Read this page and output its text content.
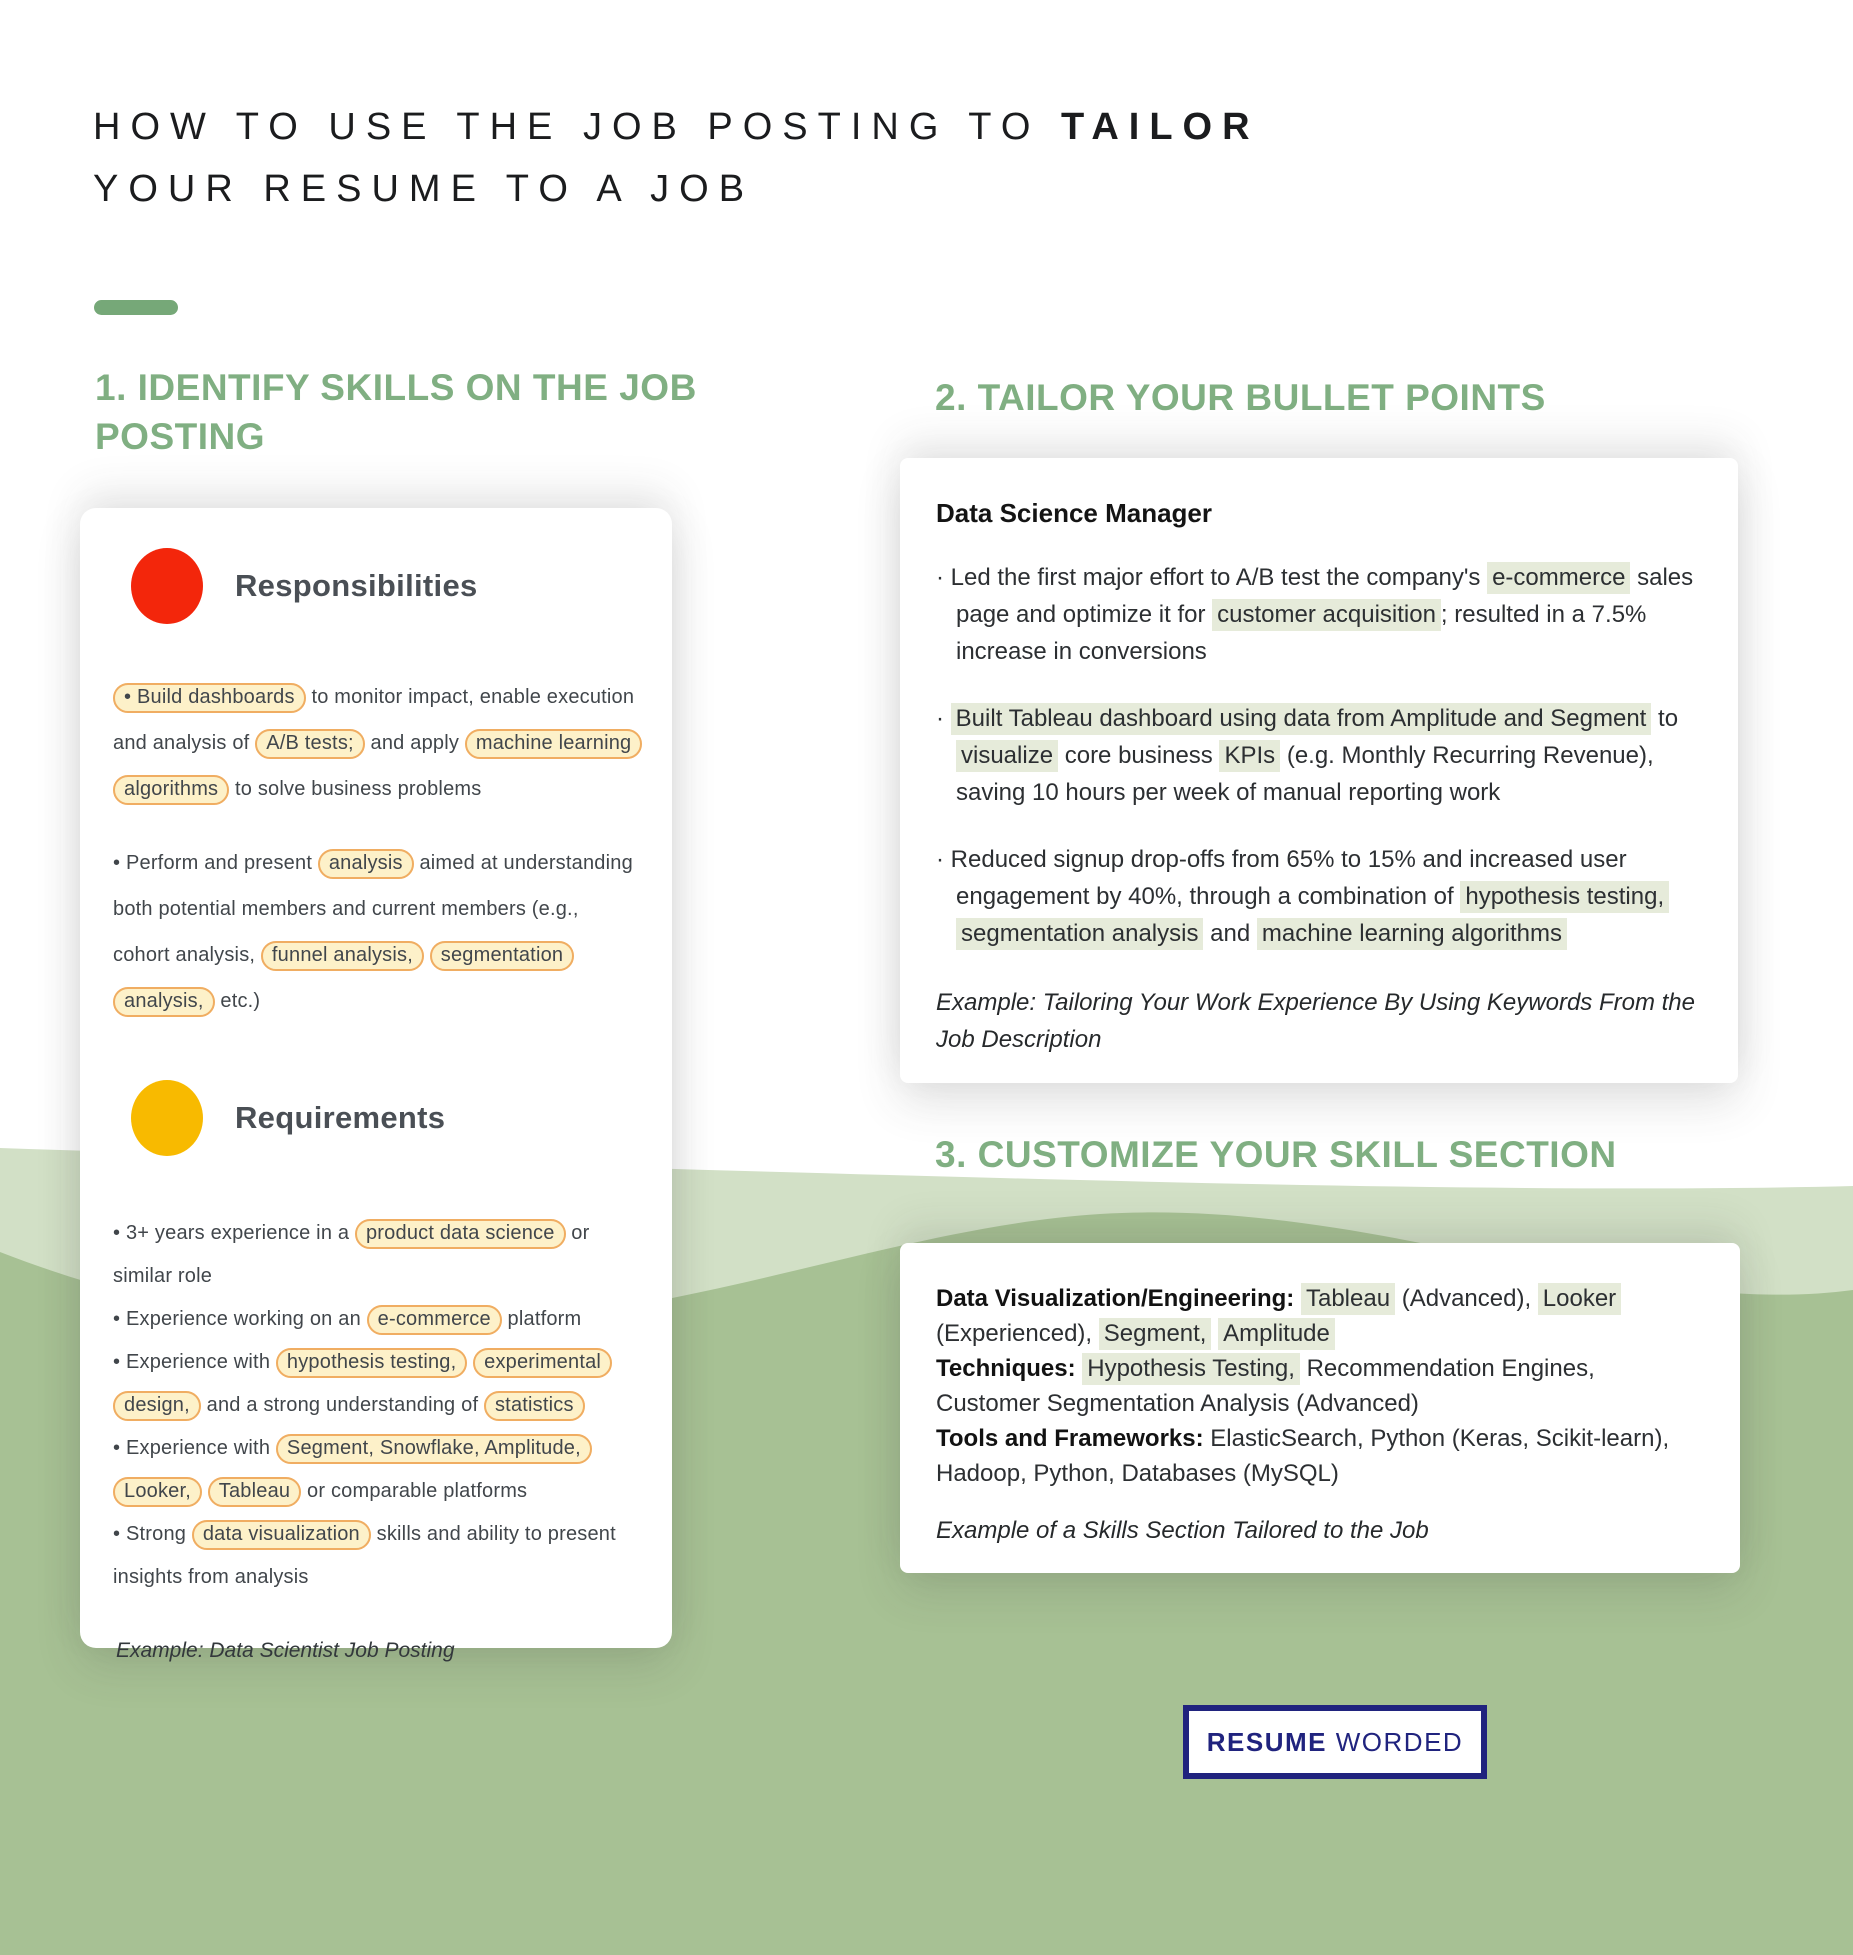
HOW TO USE THE JOB POSTING TO TAILOR
YOUR RESUME TO A JOB
1. IDENTIFY SKILLS ON THE JOB POSTING
Responsibilities

• Build dashboards to monitor impact, enable execution and analysis of A/B tests; and apply machine learning algorithms to solve business problems

• Perform and present analysis aimed at understanding both potential members and current members (e.g., cohort analysis, funnel analysis, segmentation analysis, etc.)

Requirements

• 3+ years experience in a product data science or similar role

• Experience working on an e-commerce platform

• Experience with hypothesis testing, experimental design, and a strong understanding of statistics

• Experience with Segment, Snowflake, Amplitude, Looker, Tableau or comparable platforms

• Strong data visualization skills and ability to present insights from analysis

Example: Data Scientist Job Posting

2. TAILOR YOUR BULLET POINTS
Data Science Manager

· Led the first major effort to A/B test the company's e-commerce sales page and optimize it for customer acquisition ; resulted in a 7.5% increase in conversions

· Built Tableau dashboard using data from Amplitude and Segment to visualize core business KPIs (e.g. Monthly Recurring Revenue), saving 10 hours per week of manual reporting work

· Reduced signup drop-offs from 65% to 15% and increased user engagement by 40%, through a combination of hypothesis testing, segmentation analysis and machine learning algorithms

Example: Tailoring Your Work Experience By Using Keywords From the Job Description

3. CUSTOMIZE YOUR SKILL SECTION

Data Visualization/Engineering: Tableau (Advanced), Looker (Experienced), Segment, Amplitude

Techniques: Hypothesis Testing, Recommendation Engines, Customer Segmentation Analysis (Advanced)

Tools and Frameworks: ElasticSearch, Python (Keras, Scikit-learn), Hadoop, Python, Databases (MySQL)

Example of a Skills Section Tailored to the Job

RESUME WORDED
